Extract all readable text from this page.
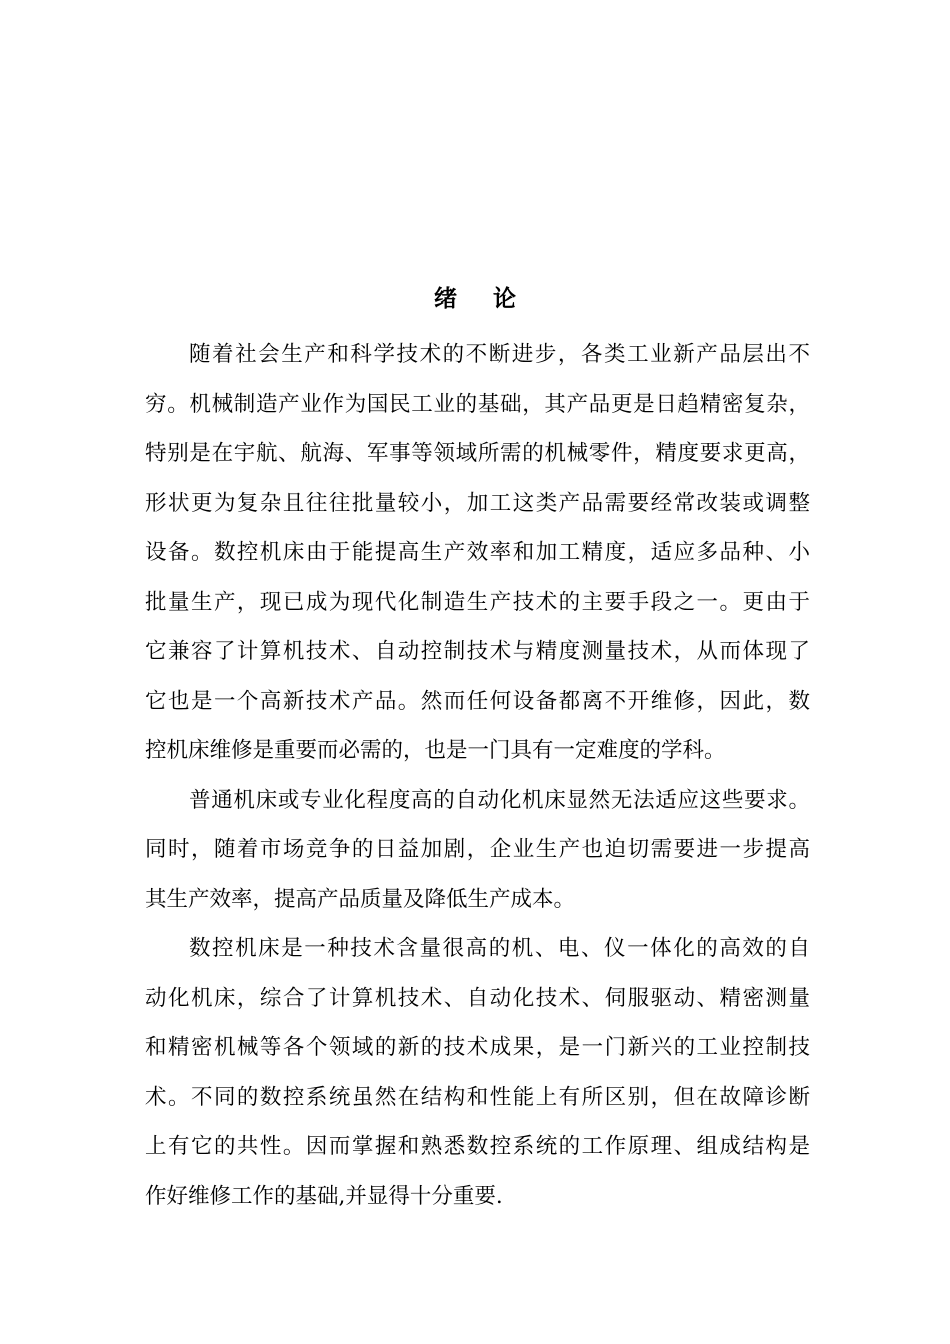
绪论
随着社会生产和科学技术的不断进步，各类工业新产品层出不
穷。机械制造产业作为国民工业的基础，其产品更是日趋精密复杂，
特别是在宇航、航海、军事等领域所需的机械零件，精度要求更高，
形状更为复杂且往往批量较小，加工这类产品需要经常改装或调整
设备。数控机床由于能提高生产效率和加工精度，适应多品种、小
批量生产，现已成为现代化制造生产技术的主要手段之一。更由于
它兼容了计算机技术、自动控制技术与精度测量技术，从而体现了
它也是一个高新技术产品。然而任何设备都离不开维修，因此，数
控机床维修是重要而必需的，也是一门具有一定难度的学科。
普通机床或专业化程度高的自动化机床显然无法适应这些要求。
同时，随着市场竞争的日益加剧，企业生产也迫切需要进一步提高
其生产效率，提高产品质量及降低生产成本。
数控机床是一种技术含量很高的机、电、仪一体化的高效的自
动化机床，综合了计算机技术、自动化技术、伺服驱动、精密测量
和精密机械等各个领域的新的技术成果，是一门新兴的工业控制技
术。不同的数控系统虽然在结构和性能上有所区别，但在故障诊断
上有它的共性。因而掌握和熟悉数控系统的工作原理、组成结构是
作好维修工作的基础,并显得十分重要.
